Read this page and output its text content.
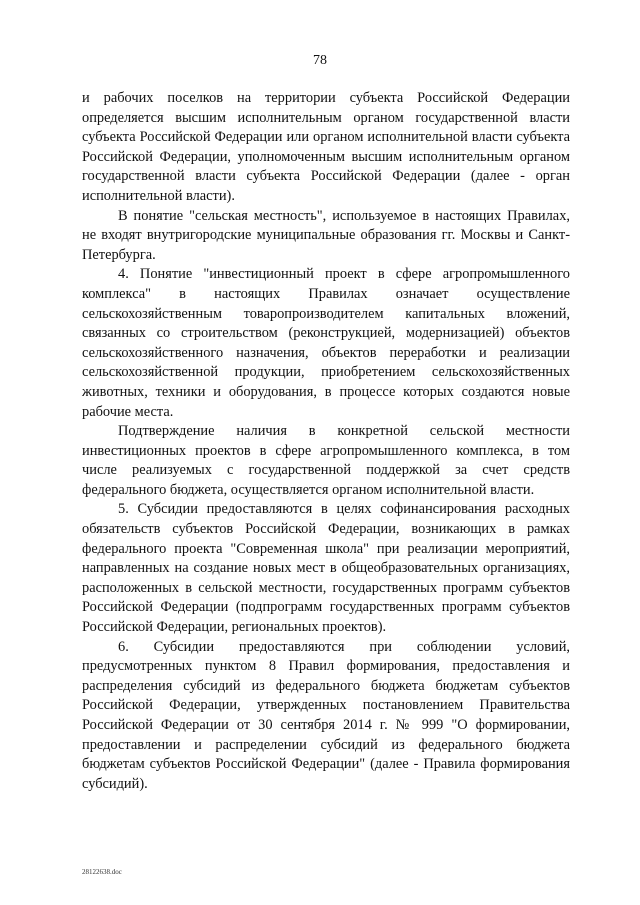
78

и рабочих поселков на территории субъекта Российской Федерации определяется высшим исполнительным органом государственной власти субъекта Российской Федерации или органом исполнительной власти субъекта Российской Федерации, уполномоченным высшим исполнительным органом государственной власти субъекта Российской Федерации (далее - орган исполнительной власти).

В понятие "сельская местность", используемое в настоящих Правилах, не входят внутригородские муниципальные образования гг. Москвы и Санкт-Петербурга.

4. Понятие "инвестиционный проект в сфере агропромышленного комплекса" в настоящих Правилах означает осуществление сельскохозяйственным товаропроизводителем капитальных вложений, связанных со строительством (реконструкцией, модернизацией) объектов сельскохозяйственного назначения, объектов переработки и реализации сельскохозяйственной продукции, приобретением сельскохозяйственных животных, техники и оборудования, в процессе которых создаются новые рабочие места.

Подтверждение наличия в конкретной сельской местности инвестиционных проектов в сфере агропромышленного комплекса, в том числе реализуемых с государственной поддержкой за счет средств федерального бюджета, осуществляется органом исполнительной власти.

5. Субсидии предоставляются в целях софинансирования расходных обязательств субъектов Российской Федерации, возникающих в рамках федерального проекта "Современная школа" при реализации мероприятий, направленных на создание новых мест в общеобразовательных организациях, расположенных в сельской местности, государственных программ субъектов Российской Федерации (подпрограмм государственных программ субъектов Российской Федерации, региональных проектов).

6. Субсидии предоставляются при соблюдении условий, предусмотренных пунктом 8 Правил формирования, предоставления и распределения субсидий из федерального бюджета бюджетам субъектов Российской Федерации, утвержденных постановлением Правительства Российской Федерации от 30 сентября 2014 г. № 999 "О формировании, предоставлении и распределении субсидий из федерального бюджета бюджетам субъектов Российской Федерации" (далее - Правила формирования субсидий).

28122638.doc
